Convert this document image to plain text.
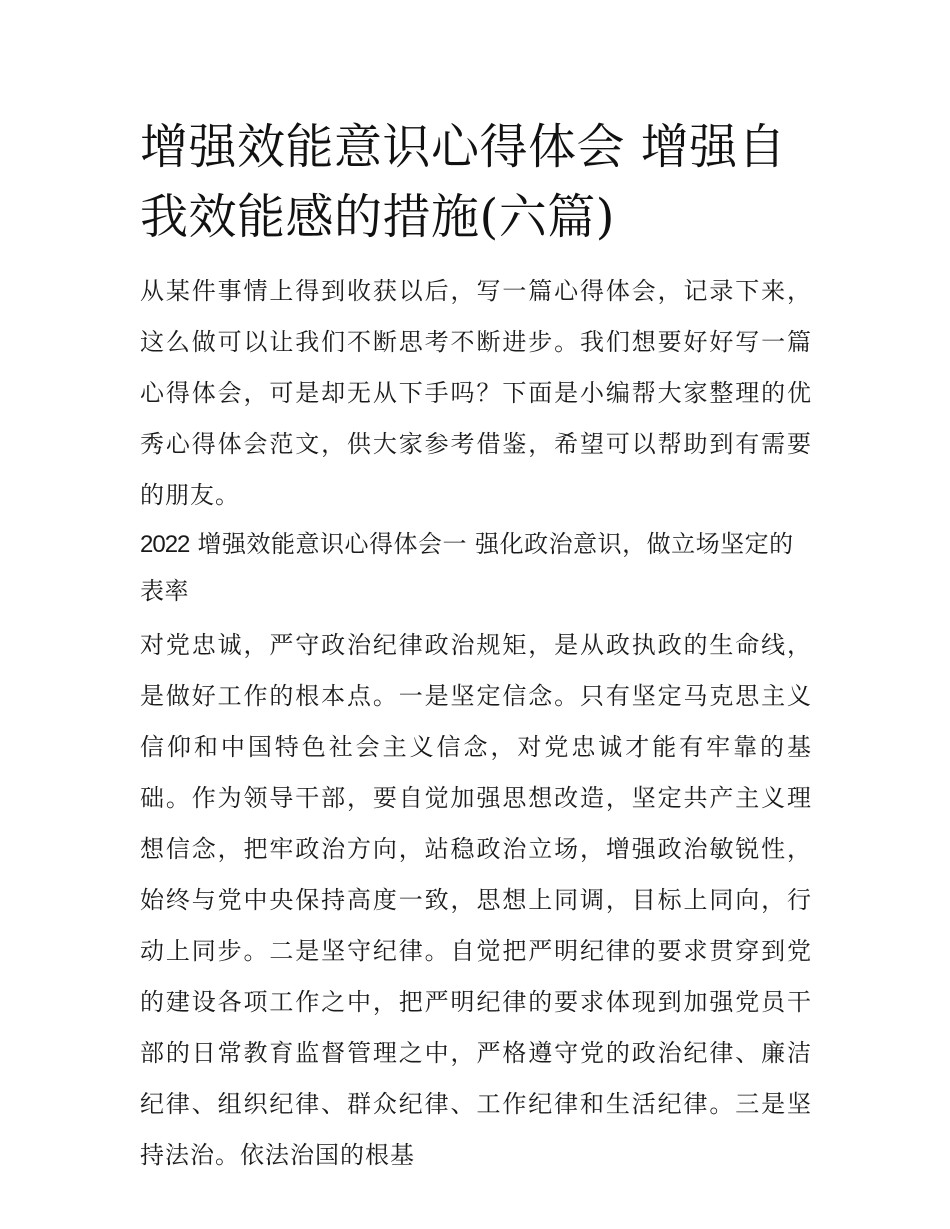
增强效能意识心得体会 增强自我效能感的措施(六篇)

从某件事情上得到收获以后，写一篇心得体会，记录下来，这么做可以让我们不断思考不断进步。我们想要好好写一篇心得体会，可是却无从下手吗？下面是小编帮大家整理的优秀心得体会范文，供大家参考借鉴，希望可以帮助到有需要的朋友。

2022 增强效能意识心得体会一 强化政治意识，做立场坚定的表率

对党忠诚，严守政治纪律政治规矩，是从政执政的生命线，是做好工作的根本点。一是坚定信念。只有坚定马克思主义信仰和中国特色社会主义信念，对党忠诚才能有牢靠的基础。作为领导干部，要自觉加强思想改造，坚定共产主义理想信念，把牢政治方向，站稳政治立场，增强政治敏锐性，始终与党中央保持高度一致，思想上同调，目标上同向，行动上同步。二是坚守纪律。自觉把严明纪律的要求贯穿到党的建设各项工作之中，把严明纪律的要求体现到加强党员干部的日常教育监督管理之中，严格遵守党的政治纪律、廉洁纪律、组织纪律、群众纪律、工作纪律和生活纪律。三是坚持法治。依法治国的根基
